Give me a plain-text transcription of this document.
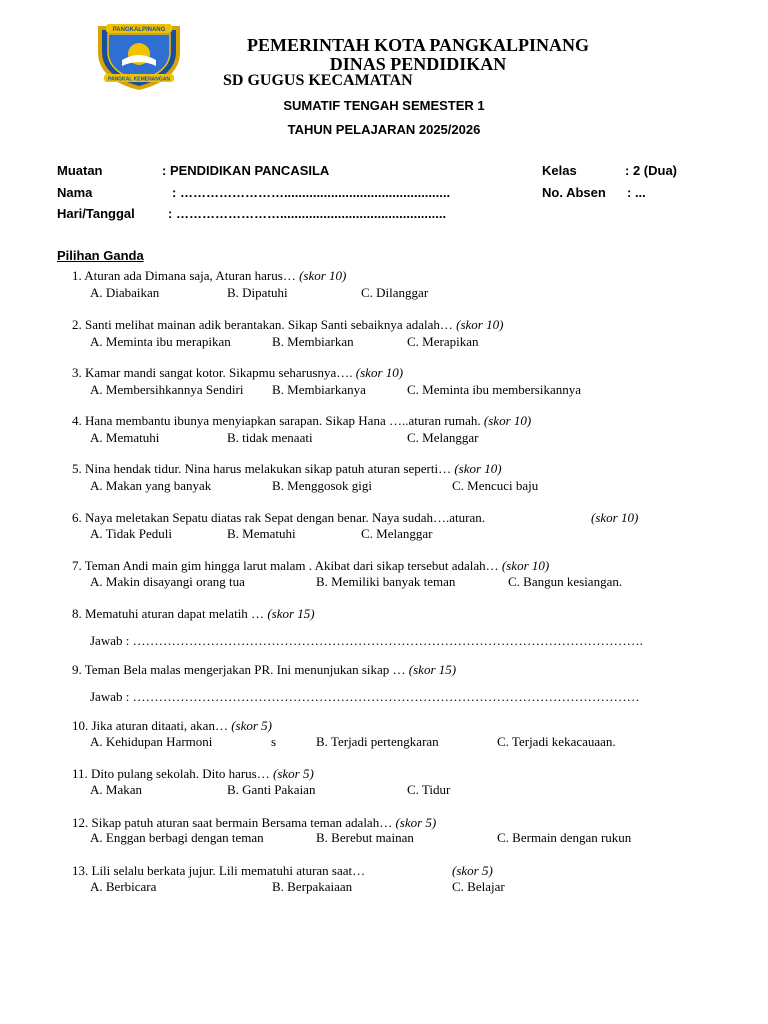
PANGKALPINANG
PANGKAL KEMENANGAN
PEMERINTAH KOTA PANGKALPINANG
DINAS PENDIDIKAN
SD GUGUS KECAMATAN
SUMATIF TENGAH SEMESTER 1
TAHUN PELAJARAN 2025/2026
Muatan	: PENDIDIKAN PANCASILA
Nama	: ……………………..............................................
Hari/Tanggal	: ……………………..............................................
Kelas	: 2 (Dua)
No. Absen : ...
Pilihan Ganda
1. Aturan ada Dimana saja, Aturan harus… (skor 10)
A. Diabaikan	B. Dipatuhi	C. Dilanggar
2. Santi melihat mainan adik berantakan. Sikap Santi sebaiknya adalah… (skor 10)
A. Meminta ibu merapikan	B. Membiarkan	C. Merapikan
3. Kamar mandi sangat kotor. Sikapmu seharusnya…. (skor 10)
A. Membersihkannya Sendiri B. Membiarkanya	C. Meminta ibu membersikannya
4. Hana membantu ibunya menyiapkan sarapan. Sikap Hana …..aturan rumah. (skor 10)
A. Mematuhi	B. tidak menaati	C. Melanggar
5. Nina hendak tidur. Nina harus melakukan sikap patuh aturan seperti… (skor 10)
A. Makan yang banyak	B. Menggosok gigi	C. Mencuci baju
6. Naya meletakan Sepatu diatas rak Sepat dengan benar. Naya sudah….aturan.	(skor 10)
A. Tidak Peduli	B. Mematuhi	C. Melanggar
7. Teman Andi main gim hingga larut malam . Akibat dari sikap tersebut adalah… (skor 10)
A. Makin disayangi orang tua	B. Memiliki banyak teman	C. Bangun kesiangan.
8. Mematuhi aturan dapat melatih … (skor 15)
Jawab : ……………………………………………………………………………………………………….
9. Teman Bela malas mengerjakan PR. Ini menunjukan sikap … (skor 15)
Jawab : ………………………………………………………………………………………………………
10. Jika aturan ditaati, akan… (skor 5)
A. Kehidupan Harmoni	s	B. Terjadi pertengkaran	C. Terjadi kekacauaan.
11. Dito pulang sekolah. Dito harus… (skor 5)
A. Makan	B. Ganti Pakaian	C. Tidur
12. Sikap patuh aturan saat bermain Bersama teman adalah… (skor 5)
A. Enggan berbagi dengan teman	B. Berebut mainan	C. Bermain dengan rukun
13. Lili selalu berkata jujur. Lili mematuhi aturan saat…	(skor 5)
A. Berbicara	B. Berpakaiaan	C. Belajar
